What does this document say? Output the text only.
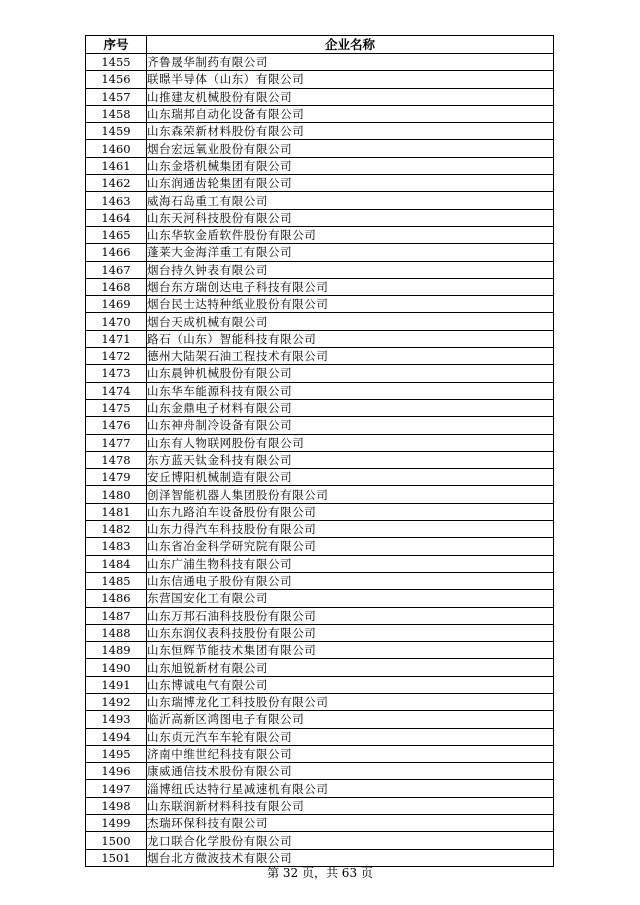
序号	企业名称
1455	齐鲁晟华制药有限公司
1456	联暻半导体（山东）有限公司
1457	山推建友机械股份有限公司
1458	山东瑞邦自动化设备有限公司
1459	山东森荣新材料股份有限公司
1460	烟台宏远氧业股份有限公司
1461	山东金塔机械集团有限公司
1462	山东润通齿轮集团有限公司
1463	威海石岛重工有限公司
1464	山东天河科技股份有限公司
1465	山东华软金盾软件股份有限公司
1466	蓬莱大金海洋重工有限公司
1467	烟台持久钟表有限公司
1468	烟台东方瑞创达电子科技有限公司
1469	烟台民士达特种纸业股份有限公司
1470	烟台天成机械有限公司
1471	路石（山东）智能科技有限公司
1472	德州大陆架石油工程技术有限公司
1473	山东晨钟机械股份有限公司
1474	山东华车能源科技有限公司
1475	山东金鼎电子材料有限公司
1476	山东神舟制冷设备有限公司
1477	山东有人物联网股份有限公司
1478	东方蓝天钛金科技有限公司
1479	安丘博阳机械制造有限公司
1480	创泽智能机器人集团股份有限公司
1481	山东九路泊车设备股份有限公司
1482	山东力得汽车科技股份有限公司
1483	山东省冶金科学研究院有限公司
1484	山东广浦生物科技有限公司
1485	山东信通电子股份有限公司
1486	东营国安化工有限公司
1487	山东万邦石油科技股份有限公司
1488	山东东润仪表科技股份有限公司
1489	山东恒辉节能技术集团有限公司
1490	山东旭锐新材有限公司
1491	山东博诚电气有限公司
1492	山东瑞博龙化工科技股份有限公司
1493	临沂高新区鸿图电子有限公司
1494	山东贞元汽车车轮有限公司
1495	济南中维世纪科技有限公司
1496	康威通信技术股份有限公司
1497	淄博纽氏达特行星减速机有限公司
1498	山东联润新材料科技有限公司
1499	杰瑞环保科技有限公司
1500	龙口联合化学股份有限公司
1501	烟台北方微波技术有限公司
第 32 页，共 63 页
